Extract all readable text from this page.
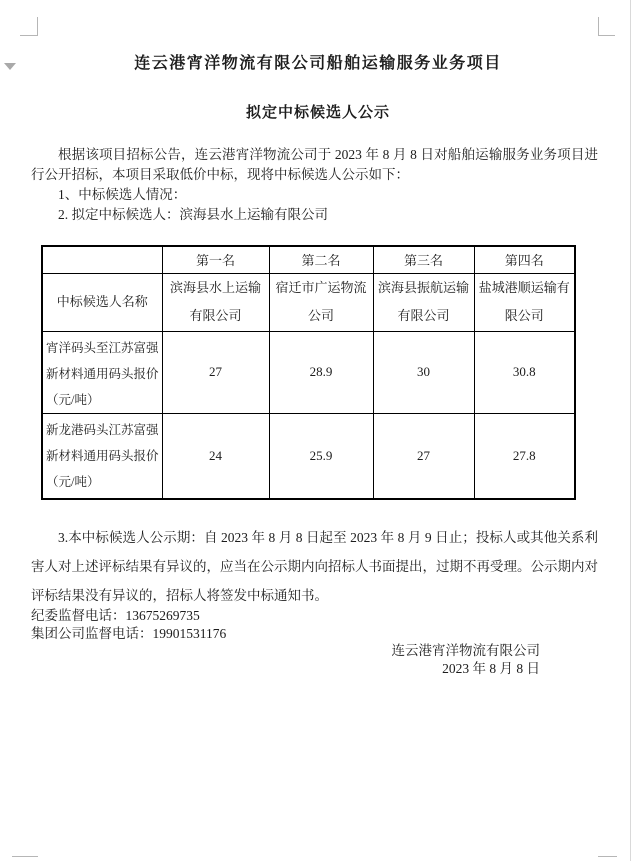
连云港宵洋物流有限公司船舶运输服务业务项目
拟定中标候选人公示

根据该项目招标公告，连云港宵洋物流公司于 2023 年 8 月 8 日对船舶运输服务业务项目进行公开招标，本项目采取低价中标，现将中标候选人公示如下：

1、中标候选人情况：
2. 拟定中标候选人：滨海县水上运输有限公司
	第一名	第二名	第三名	第四名
中标候选人名称	滨海县水上运输有限公司	宿迁市广运物流公司	滨海县振航运输有限公司	盐城港顺运输有限公司
宵洋码头至江苏富强新材料通用码头报价（元/吨）	27	28.9	30	30.8
新龙港码头江苏富强新材料通用码头报价（元/吨）	24	25.9	27	27.8
3.本中标候选人公示期：自 2023 年 8 月 8 日起至 2023 年 8 月 9 日止；投标人或其他关系利害人对上述评标结果有异议的，应当在公示期内向招标人书面提出，过期不再受理。公示期内对评标结果没有异议的，招标人将签发中标通知书。
纪委监督电话：13675269735
集团公司监督电话：19901531176
连云港宵洋物流有限公司
2023 年 8 月 8 日
